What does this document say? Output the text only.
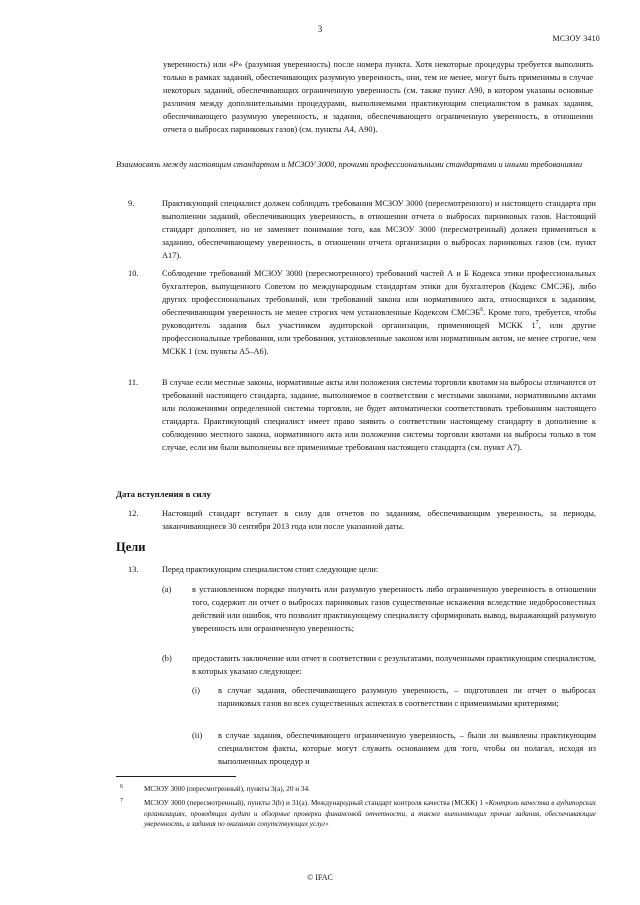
3
МСЗОУ 3410
уверенность) или «Р» (разумная уверенность) после номера пункта. Хотя некоторые процедуры требуется выполнять только в рамках заданий, обеспечивающих разумную уверенность, они, тем не менее, могут быть применимы в случае некоторых заданий, обеспечивающих ограниченную уверенность (см. также пункт А90, в котором указаны основные различия между дополнительными процедурами, выполняемыми практикующим специалистом в рамках задания, обеспечивающего разумную уверенность, и задания, обеспечивающего ограниченную уверенность, в отношении отчета о выбросах парниковых газов) (см. пункты А4, А90).
Взаимосвязь между настоящим стандартом и МСЗОУ 3000, прочими профессиональными стандартами и иными требованиями
9.	Практикующий специалист должен соблюдать требования МСЗОУ 3000 (пересмотренного) и настоящего стандарта при выполнении заданий, обеспечивающих уверенность, в отношении отчета о выбросах парниковых газов. Настоящий стандарт дополняет, но не заменяет понимание того, как МСЗОУ 3000 (пересмотренный) должен применяться к заданию, обеспечивающему уверенность, в отношении отчета организации о выбросах парниковых газов (см. пункт А17).
10.	Соблюдение требований МСЗОУ 3000 (пересмотренного) требований частей А и Б Кодекса этики профессиональных бухгалтеров, выпущенного Советом по международным стандартам этики для бухгалтеров (Кодекс СМСЭБ), либо других профессиональных требований, или требований закона или нормативного акта, относящихся к заданиям, обеспечивающим уверенность не менее строгих чем установленные Кодексом СМСЭБ$^6$. Кроме того, требуется, чтобы руководитель задания был участником аудиторской организации, применяющей МСКК $1^7$, или другие профессиональные требования, или требования, установленные законом или нормативным актом, не менее строгие, чем МСКК 1 (см. пункты А5–А6).
11.	В случае если местные законы, нормативные акты или положения системы торговли квотами на выбросы отличаются от требований настоящего стандарта, задание, выполняемое в соответствии с местными законами, нормативными актами или положениями определенной системы торговли, не будет автоматически соответствовать требованиям настоящего стандарта. Практикующий специалист имеет право заявить о соответствии настоящему стандарту в дополнение к соблюдению местного закона, нормативного акта или положения системы торговли квотами на выбросы только в том случае, если им были выполнены все применимые требования настоящего стандарта (см. пункт А7).
Дата вступления в силу
12.	Настоящий стандарт вступает в силу для отчетов по заданиям, обеспечивающим уверенность, за периоды, заканчивающиеся 30 сентября 2013 года или после указанной даты.
Цели
13.	Перед практикующим специалистом стоят следующие цели:
(a) в установленном порядке получить или разумную уверенность либо ограниченную уверенность в отношении того, содержит ли отчет о выбросах парниковых газов существенные искажения вследствие недобросовестных действий или ошибок, что позволит практикующему специалисту сформировать вывод, выражающий разумную уверенность или ограниченную уверенность;
(b) предоставить заключение или отчет в соответствии с результатами, полученными практикующим специалистом, в которых указано следующее:
(i) в случае задания, обеспечивающего разумную уверенность, – подготовлен ли отчет о выбросах парниковых газов во всех существенных аспектах в соответствии с применимыми критериями;
(ii) в случае задания, обеспечивающего ограниченную уверенность, – были ли выявлены практикующим специалистом факты, которые могут служить основанием для того, чтобы он полагал, исходя из выполненных процедур и
6	МСЗОУ 3000 (пересмотренный), пункты 3(а), 20 и 34.
7	МСЗОУ 3000 (пересмотренный), пункты 3(b) и 31(а). Международный стандарт контроля качества (МСКК) 1 «Контроль качества в аудиторских организациях, проводящих аудит и обзорные проверки финансовой отчетности, а также выполняющих прочие задания, обеспечивающие уверенность, и задания по оказанию сопутствующих услуг»
© IFAC
